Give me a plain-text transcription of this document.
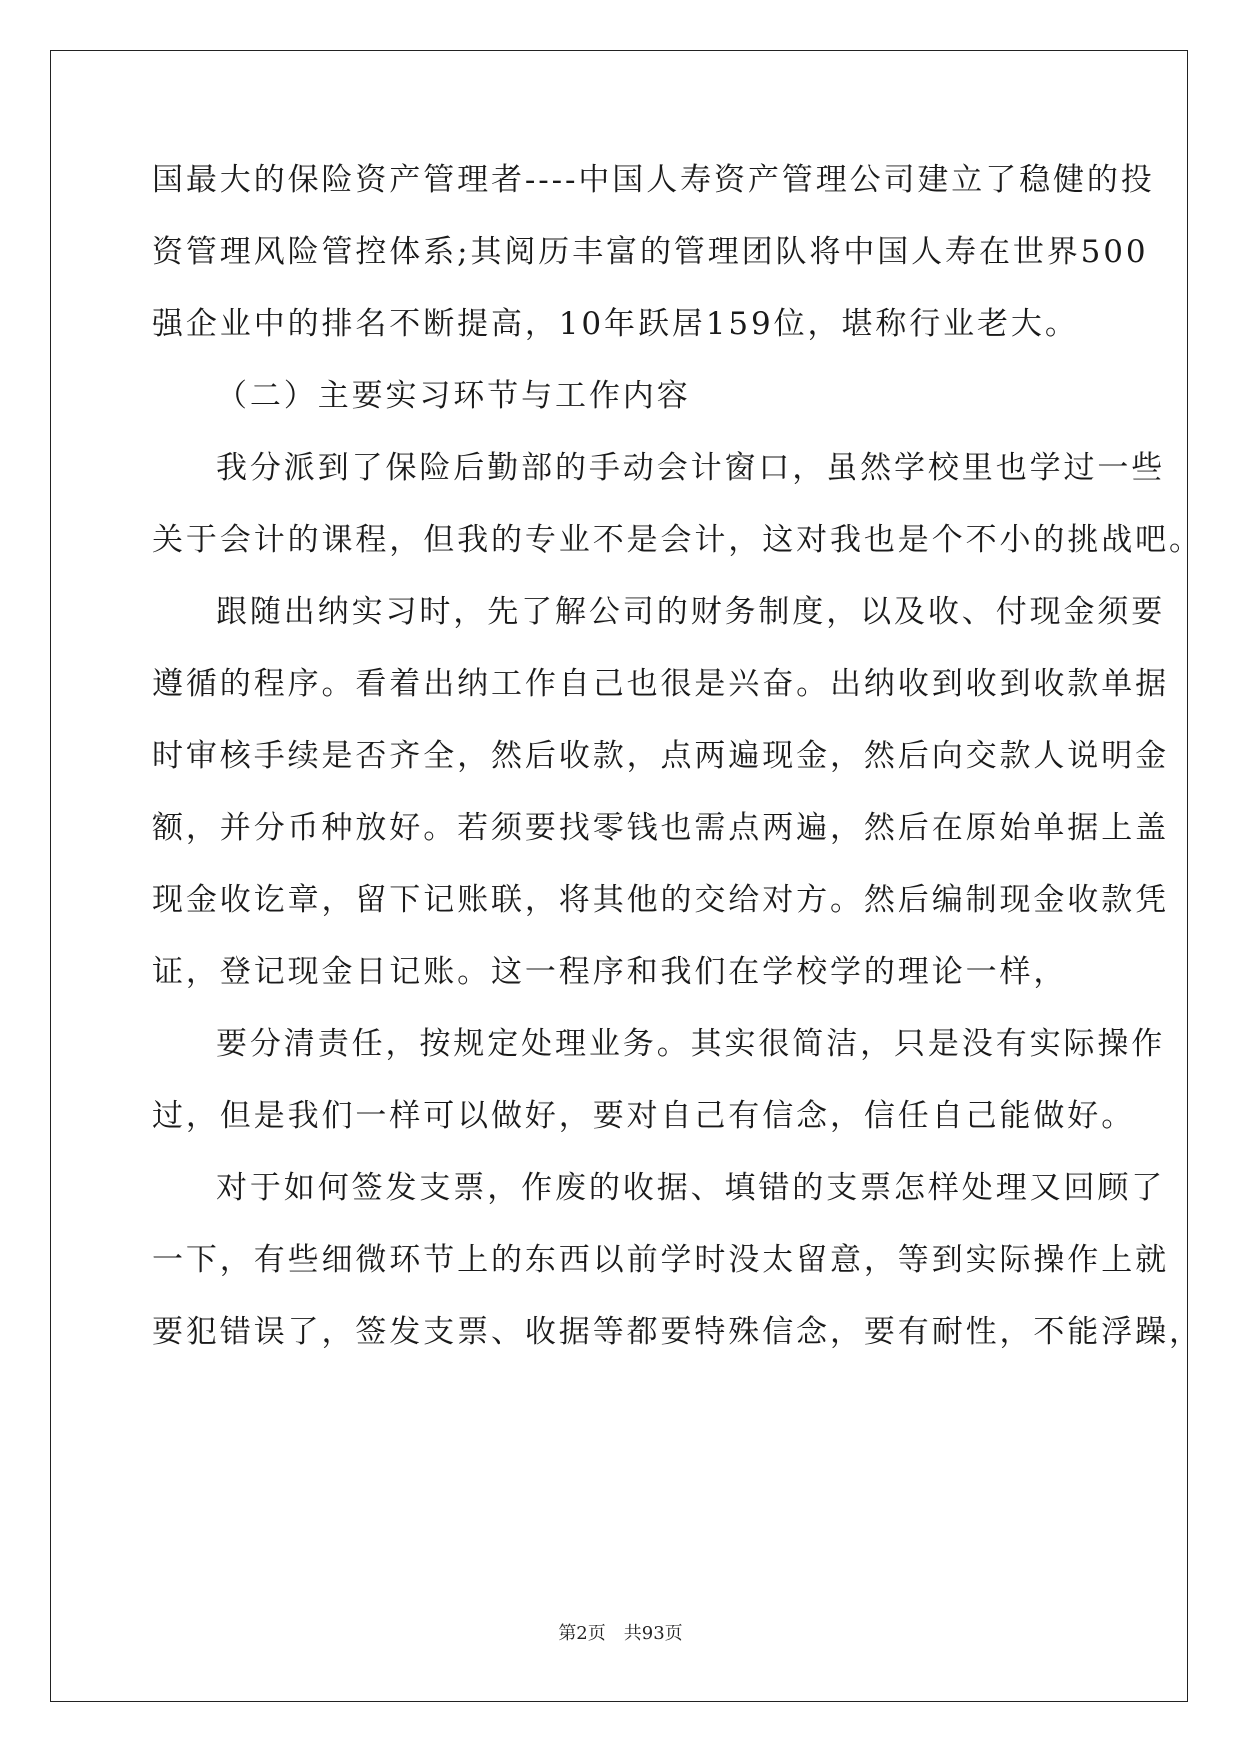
国最大的保险资产管理者----中国人寿资产管理公司建立了稳健的投
资管理风险管控体系;其阅历丰富的管理团队将中国人寿在世界500
强企业中的排名不断提高，10年跃居159位，堪称行业老大。
（二）主要实习环节与工作内容
我分派到了保险后勤部的手动会计窗口，虽然学校里也学过一些
关于会计的课程，但我的专业不是会计，这对我也是个不小的挑战吧。
跟随出纳实习时，先了解公司的财务制度，以及收、付现金须要
遵循的程序。看着出纳工作自己也很是兴奋。出纳收到收到收款单据
时审核手续是否齐全，然后收款，点两遍现金，然后向交款人说明金
额，并分币种放好。若须要找零钱也需点两遍，然后在原始单据上盖
现金收讫章，留下记账联，将其他的交给对方。然后编制现金收款凭
证，登记现金日记账。这一程序和我们在学校学的理论一样，
要分清责任，按规定处理业务。其实很简洁，只是没有实际操作
过，但是我们一样可以做好，要对自己有信念，信任自己能做好。
对于如何签发支票，作废的收据、填错的支票怎样处理又回顾了
一下，有些细微环节上的东西以前学时没太留意，等到实际操作上就
要犯错误了，签发支票、收据等都要特殊信念，要有耐性，不能浮躁，
第2页 共93页
